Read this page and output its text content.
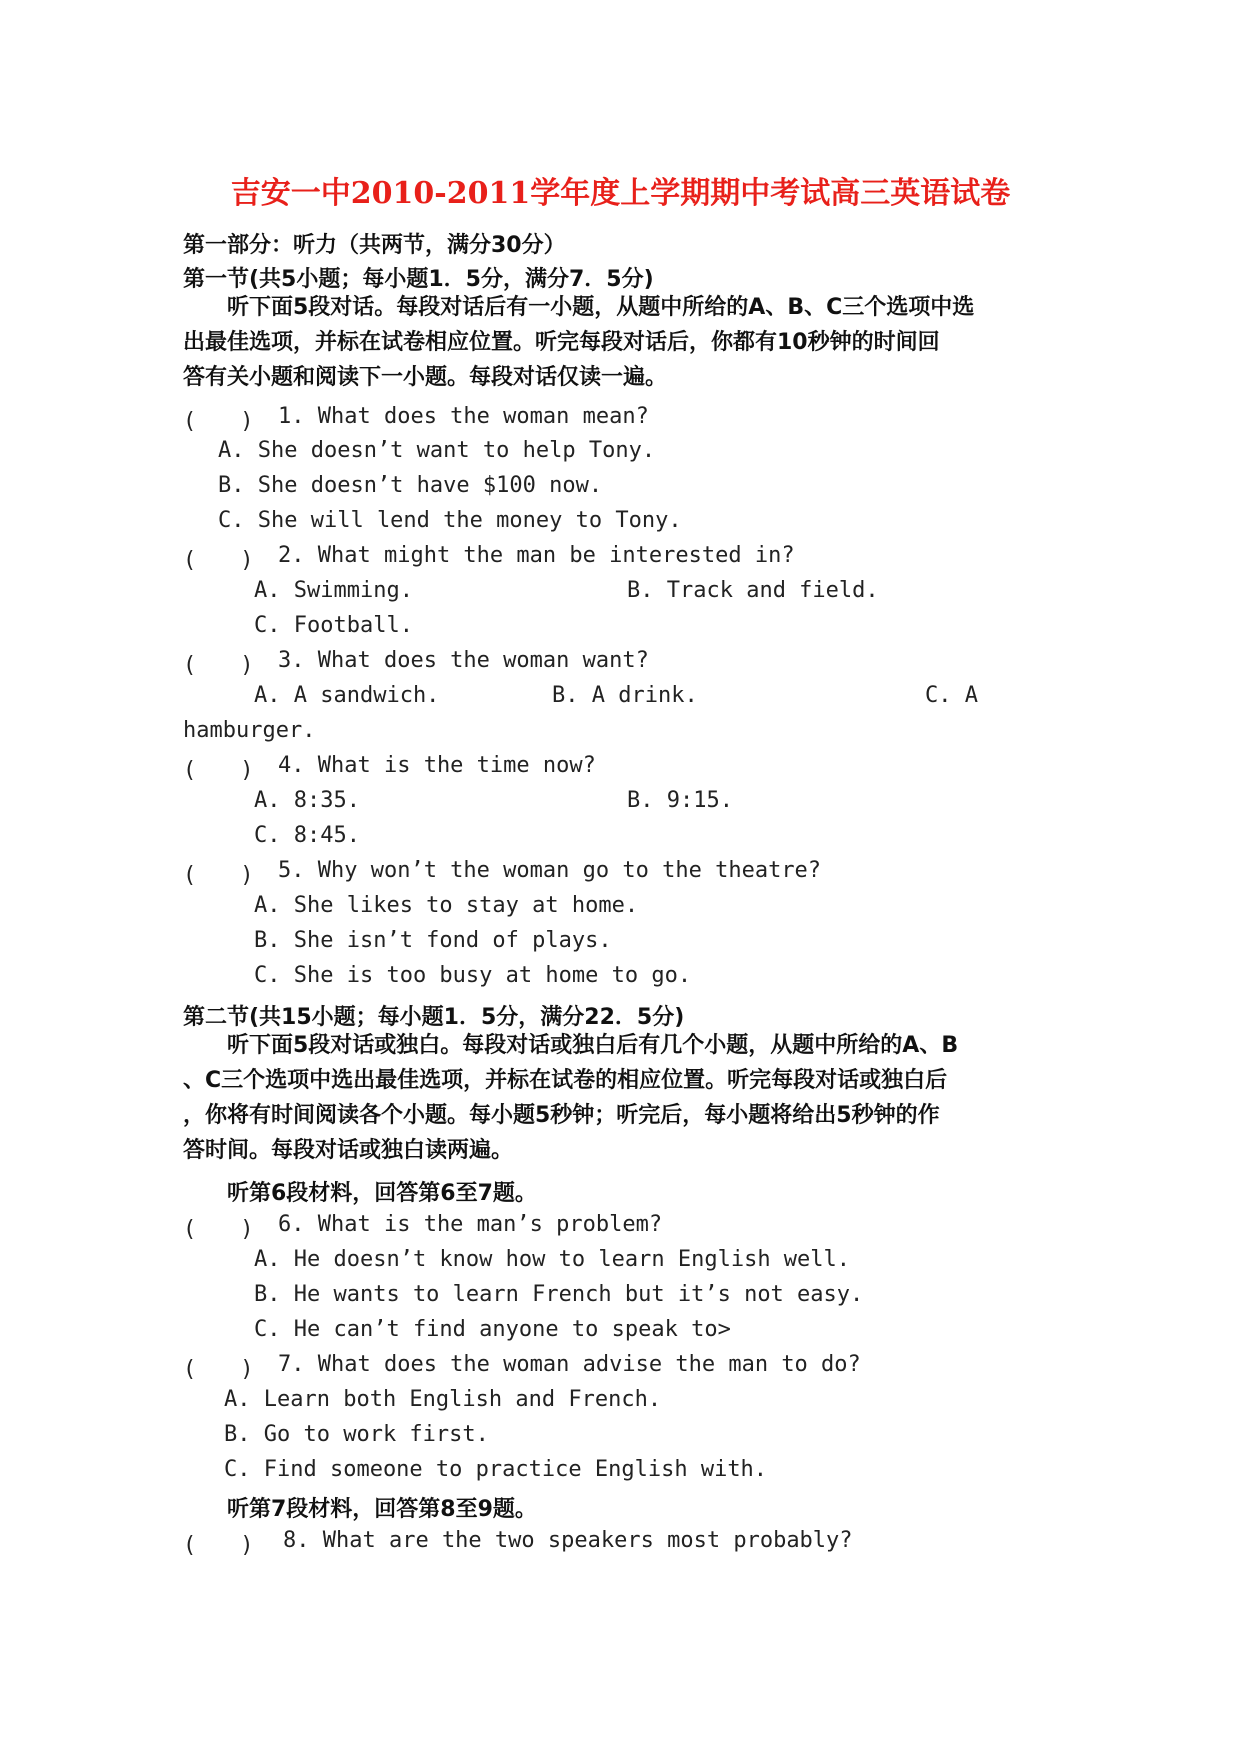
吉安一中2010-2011学年度上学期期中考试高三英语试卷
第一部分：听力（共两节，满分30分）
第一节(共5小题；每小题1．5分，满分7．5分)
　　听下面5段对话。每段对话后有一小题，从题中所给的A、B、C三个选项中选
出最佳选项，并标在试卷相应位置。听完每段对话后，你都有10秒钟的时间回
答有关小题和阅读下一小题。每段对话仅读一遍。
(　　) 1. What does the woman mean?
A. She doesn’t want to help Tony.
B. She doesn’t have $100 now.
C. She will lend the money to Tony.
(　　) 2. What might the man be interested in?
A. Swimming.	B. Track and field.
C. Football.
(　　) 3. What does the woman want?
A. A sandwich.	B. A drink.	C. A
hamburger.
(　　) 4. What is the time now?
A. 8:35.	B. 9:15.
C. 8:45.
(　　) 5. Why won’t the woman go to the theatre?
A. She likes to stay at home.
B. She isn’t fond of plays.
C. She is too busy at home to go.
第二节(共15小题；每小题1．5分，满分22．5分)
　　听下面5段对话或独白。每段对话或独白后有几个小题，从题中所给的A、B
、C三个选项中选出最佳选项，并标在试卷的相应位置。听完每段对话或独白后
，你将有时间阅读各个小题。每小题5秒钟；听完后，每小题将给出5秒钟的作
答时间。每段对话或独白读两遍。
　　听第6段材料，回答第6至7题。
(　　) 6. What is the man’s problem?
A. He doesn’t know how to learn English well.
B. He wants to learn French but it’s not easy.
C. He can’t find anyone to speak to>
(　　) 7. What does the woman advise the man to do?
A. Learn both English and French.
B. Go to work first.
C. Find someone to practice English with.
　　听第7段材料，回答第8至9题。
(　　) 8. What are the two speakers most probably?
